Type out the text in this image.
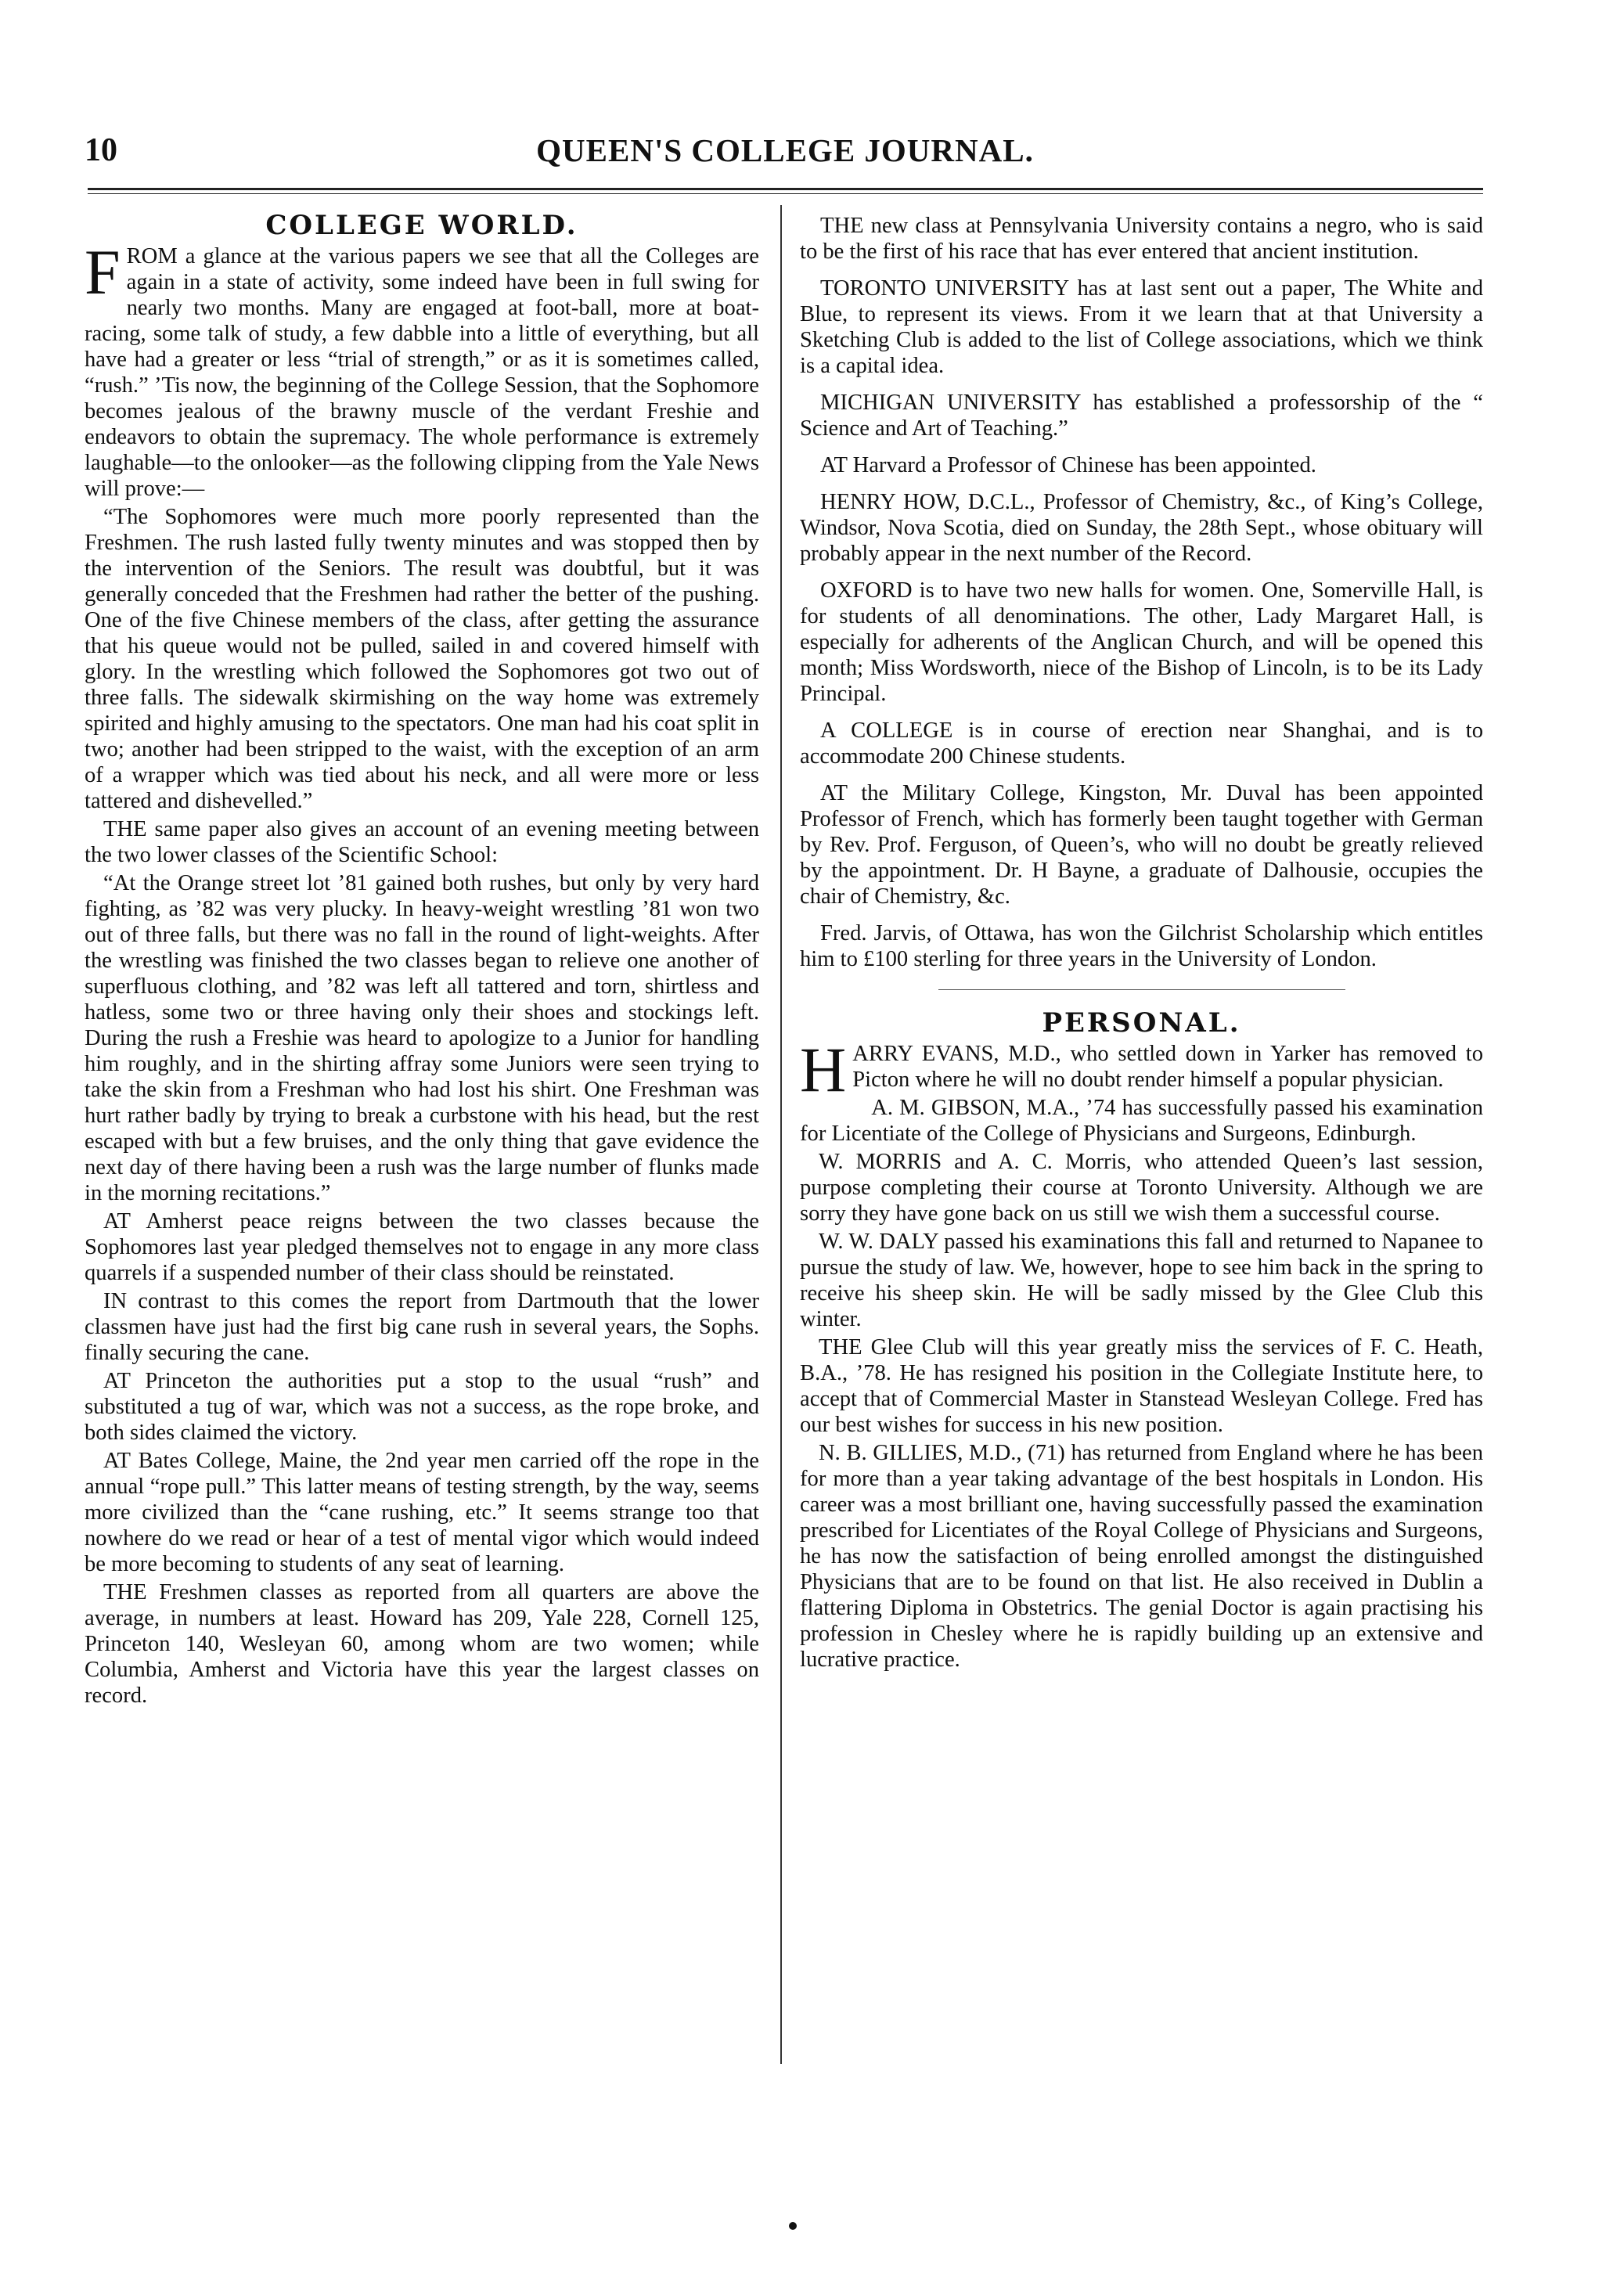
10	QUEEN'S COLLEGE JOURNAL.
COLLEGE WORLD.

FROM a glance at the various papers we see that all the Colleges are again in a state of activity, some indeed have been in full swing for nearly two months. Many are engaged at foot-ball, more at boat-racing, some talk of study, a few dabble into a little of everything, but all have had a greater or less “trial of strength,” or as it is sometimes called, “rush.” ’Tis now, the beginning of the College Session, that the Sophomore becomes jealous of the brawny muscle of the verdant Freshie and endeavors to obtain the supremacy. The whole performance is extremely laughable—to the onlooker—as the following clipping from the Yale News will prove:—

“The Sophomores were much more poorly represented than the Freshmen. The rush lasted fully twenty minutes and was stopped then by the intervention of the Seniors. The result was doubtful, but it was generally conceded that the Freshmen had rather the better of the pushing. One of the five Chinese members of the class, after getting the assurance that his queue would not be pulled, sailed in and covered himself with glory. In the wrestling which followed the Sophomores got two out of three falls. The sidewalk skirmishing on the way home was extremely spirited and highly amusing to the spectators. One man had his coat split in two; another had been stripped to the waist, with the exception of an arm of a wrapper which was tied about his neck, and all were more or less tattered and dishevelled.”

THE same paper also gives an account of an evening meeting between the two lower classes of the Scientific School:

“At the Orange street lot ’81 gained both rushes, but only by very hard fighting, as ’82 was very plucky. In heavy-weight wrestling ’81 won two out of three falls, but there was no fall in the round of light-weights. After the wrestling was finished the two classes began to relieve one another of superfluous clothing, and ’82 was left all tattered and torn, shirtless and hatless, some two or three having only their shoes and stockings left. During the rush a Freshie was heard to apologize to a Junior for handling him roughly, and in the shirting affray some Juniors were seen trying to take the skin from a Freshman who had lost his shirt. One Freshman was hurt rather badly by trying to break a curbstone with his head, but the rest escaped with but a few bruises, and the only thing that gave evidence the next day of there having been a rush was the large number of flunks made in the morning recitations.”

AT Amherst peace reigns between the two classes because the Sophomores last year pledged themselves not to engage in any more class quarrels if a suspended number of their class should be reinstated.

IN contrast to this comes the report from Dartmouth that the lower classmen have just had the first big cane rush in several years, the Sophs. finally securing the cane.

AT Princeton the authorities put a stop to the usual “rush” and substituted a tug of war, which was not a success, as the rope broke, and both sides claimed the victory.

AT Bates College, Maine, the 2nd year men carried off the rope in the annual “rope pull.” This latter means of testing strength, by the way, seems more civilized than the “cane rushing, etc.” It seems strange too that nowhere do we read or hear of a test of mental vigor which would indeed be more becoming to students of any seat of learning.

THE Freshmen classes as reported from all quarters are above the average, in numbers at least. Howard has 209, Yale 228, Cornell 125, Princeton 140, Wesleyan 60, among whom are two women; while Columbia, Amherst and Victoria have this year the largest classes on record.

THE new class at Pennsylvania University contains a negro, who is said to be the first of his race that has ever entered that ancient institution.

TORONTO UNIVERSITY has at last sent out a paper, The White and Blue, to represent its views. From it we learn that at that University a Sketching Club is added to the list of College associations, which we think is a capital idea.

MICHIGAN UNIVERSITY has established a professorship of the “ Science and Art of Teaching.”

AT Harvard a Professor of Chinese has been appointed.

HENRY HOW, D.C.L., Professor of Chemistry, &c., of King’s College, Windsor, Nova Scotia, died on Sunday, the 28th Sept., whose obituary will probably appear in the next number of the Record.

OXFORD is to have two new halls for women. One, Somerville Hall, is for students of all denominations. The other, Lady Margaret Hall, is especially for adherents of the Anglican Church, and will be opened this month; Miss Wordsworth, niece of the Bishop of Lincoln, is to be its Lady Principal.

A COLLEGE is in course of erection near Shanghai, and is to accommodate 200 Chinese students.

AT the Military College, Kingston, Mr. Duval has been appointed Professor of French, which has formerly been taught together with German by Rev. Prof. Ferguson, of Queen’s, who will no doubt be greatly relieved by the appointment. Dr. H Bayne, a graduate of Dalhousie, occupies the chair of Chemistry, &c.

Fred. Jarvis, of Ottawa, has won the Gilchrist Scholarship which entitles him to £100 sterling for three years in the University of London.

PERSONAL.

HARRY EVANS, M.D., who settled down in Yarker has removed to Picton where he will no doubt render himself a popular physician.

A. M. GIBSON, M.A., ’74 has successfully passed his examination for Licentiate of the College of Physicians and Surgeons, Edinburgh.

W. MORRIS and A. C. Morris, who attended Queen’s last session, purpose completing their course at Toronto University. Although we are sorry they have gone back on us still we wish them a successful course.

W. W. DALY passed his examinations this fall and returned to Napanee to pursue the study of law. We, however, hope to see him back in the spring to receive his sheep skin. He will be sadly missed by the Glee Club this winter.

THE Glee Club will this year greatly miss the services of F. C. Heath, B.A., ’78. He has resigned his position in the Collegiate Institute here, to accept that of Commercial Master in Stanstead Wesleyan College. Fred has our best wishes for success in his new position.

N. B. GILLIES, M.D., (71) has returned from England where he has been for more than a year taking advantage of the best hospitals in London. His career was a most brilliant one, having successfully passed the examination prescribed for Licentiates of the Royal College of Physicians and Surgeons, he has now the satisfaction of being enrolled amongst the distinguished Physicians that are to be found on that list. He also received in Dublin a flattering Diploma in Obstetrics. The genial Doctor is again practising his profession in Chesley where he is rapidly building up an extensive and lucrative practice.
